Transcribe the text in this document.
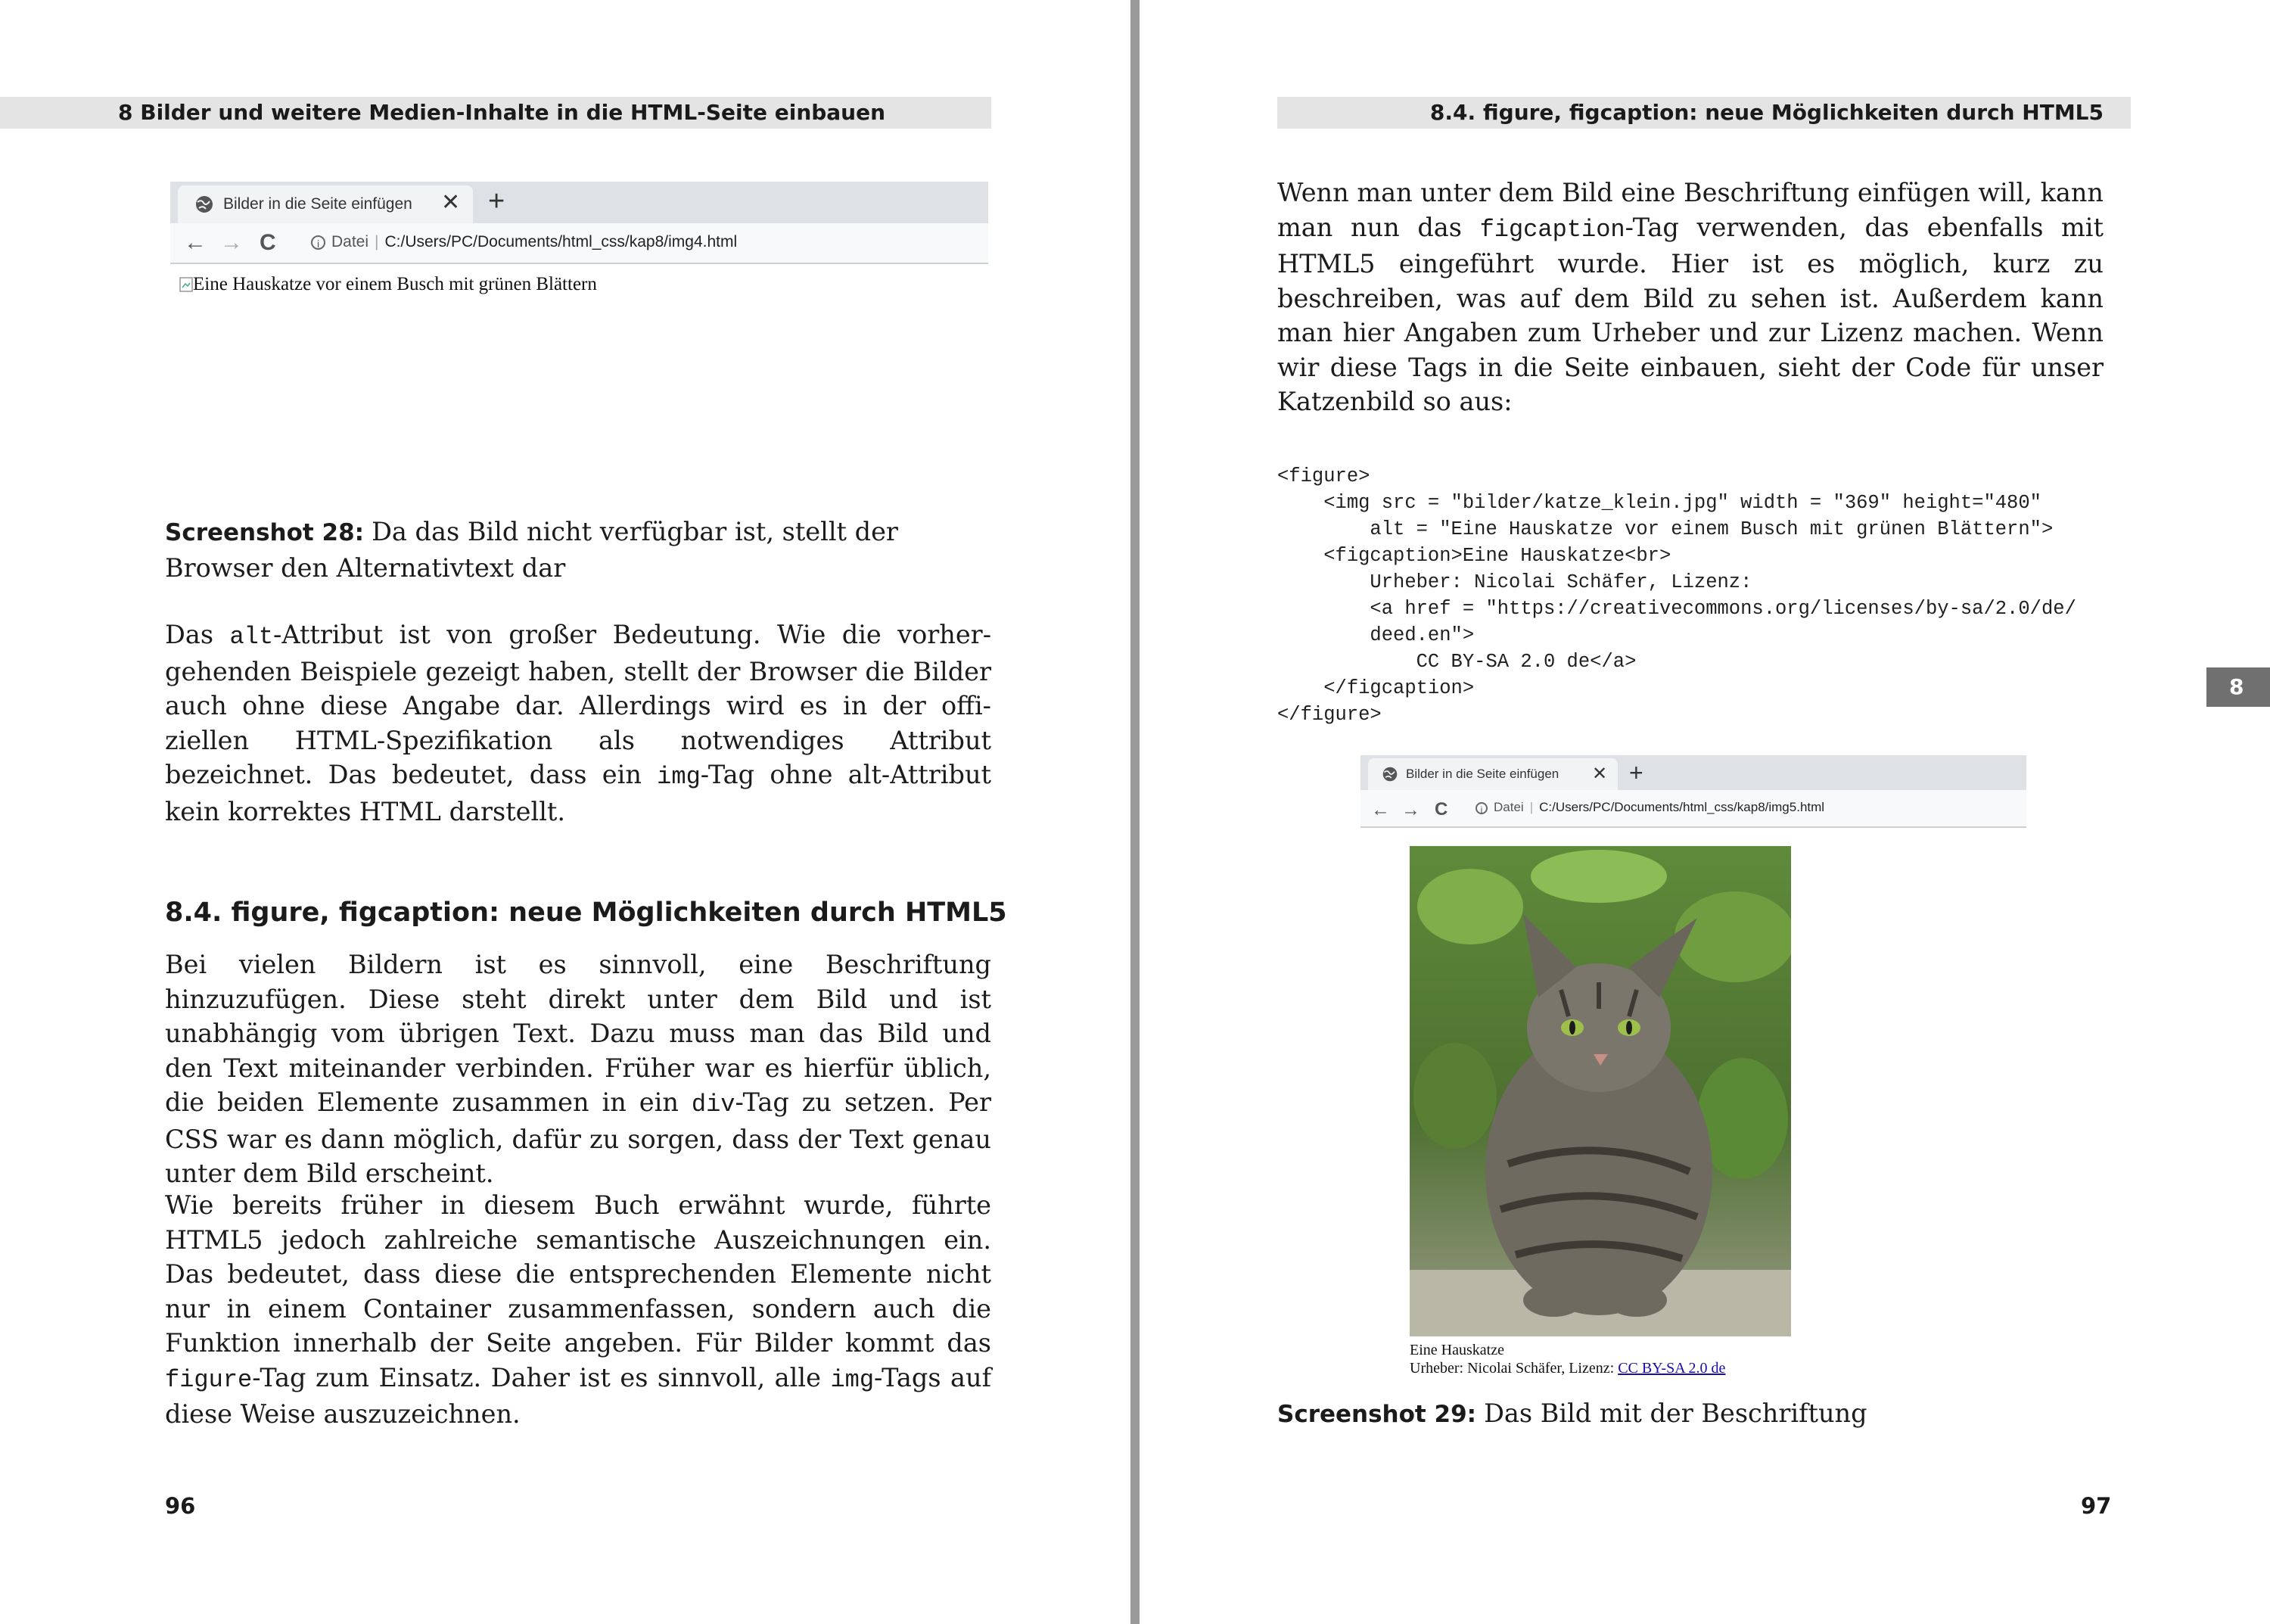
8 Bilder und weitere Medien-Inhalte in die HTML-Seite einbauen
Bilder in die Seite einfügen ✕ +
← → C	i Datei | C:/Users/PC/Documents/html_css/kap8/img4.html
Eine Hauskatze vor einem Busch mit grünen Blättern
Screenshot 28: Da das Bild nicht verfügbar ist, stellt der Browser den Alternativtext dar

Das alt-Attribut ist von großer Bedeutung. Wie die vorhergehenden Beispiele gezeigt haben, stellt der Browser die Bilder auch ohne diese Angabe dar. Allerdings wird es in der offiziellen HTML-Spezifikation als notwendiges Attribut bezeichnet. Das bedeutet, dass ein img-Tag ohne alt-Attribut kein korrektes HTML darstellt.

8.4. figure, figcaption: neue Möglichkeiten durch HTML5

Bei vielen Bildern ist es sinnvoll, eine Beschriftung hinzuzufügen. Diese steht direkt unter dem Bild und ist unabhängig vom übrigen Text. Dazu muss man das Bild und den Text miteinander verbinden. Früher war es hierfür üblich, die beiden Elemente zusammen in ein div-Tag zu setzen. Per CSS war es dann möglich, dafür zu sorgen, dass der Text genau unter dem Bild erscheint.

Wie bereits früher in diesem Buch erwähnt wurde, führte HTML5 jedoch zahlreiche semantische Auszeichnungen ein. Das bedeutet, dass diese die entsprechenden Elemente nicht nur in einem Container zusammenfassen, sondern auch die Funktion innerhalb der Seite angeben. Für Bilder kommt das figure-Tag zum Einsatz. Daher ist es sinnvoll, alle img-Tags auf diese Weise auszuzeichnen.

96
8.4. figure, figcaption: neue Möglichkeiten durch HTML5

Wenn man unter dem Bild eine Beschriftung einfügen will, kann man nun das figcaption-Tag verwenden, das ebenfalls mit HTML5 eingeführt wurde. Hier ist es möglich, kurz zu beschreiben, was auf dem Bild zu sehen ist. Außerdem kann man hier Angaben zum Urheber und zur Lizenz machen. Wenn wir diese Tags in die Seite einbauen, sieht der Code für unser Katzenbild so aus:

<figure>
<img src = "bilder/katze_klein.jpg" width = "369" height="480"
alt = "Eine Hauskatze vor einem Busch mit grünen Blättern">
<figcaption>Eine Hauskatze<br>
Urheber: Nicolai Schäfer, Lizenz:
<a href = "https://creativecommons.org/licenses/by-sa/2.0/de/
deed.en">
CC BY-SA 2.0 de</a>
</figcaption>
</figure>
8
Bilder in die Seite einfügen ✕ +
← → C	i Datei | C:/Users/PC/Documents/html_css/kap8/img5.html
Eine Hauskatze
Urheber: Nicolai Schäfer, Lizenz: CC BY-SA 2.0 de
Screenshot 29: Das Bild mit der Beschriftung
97
